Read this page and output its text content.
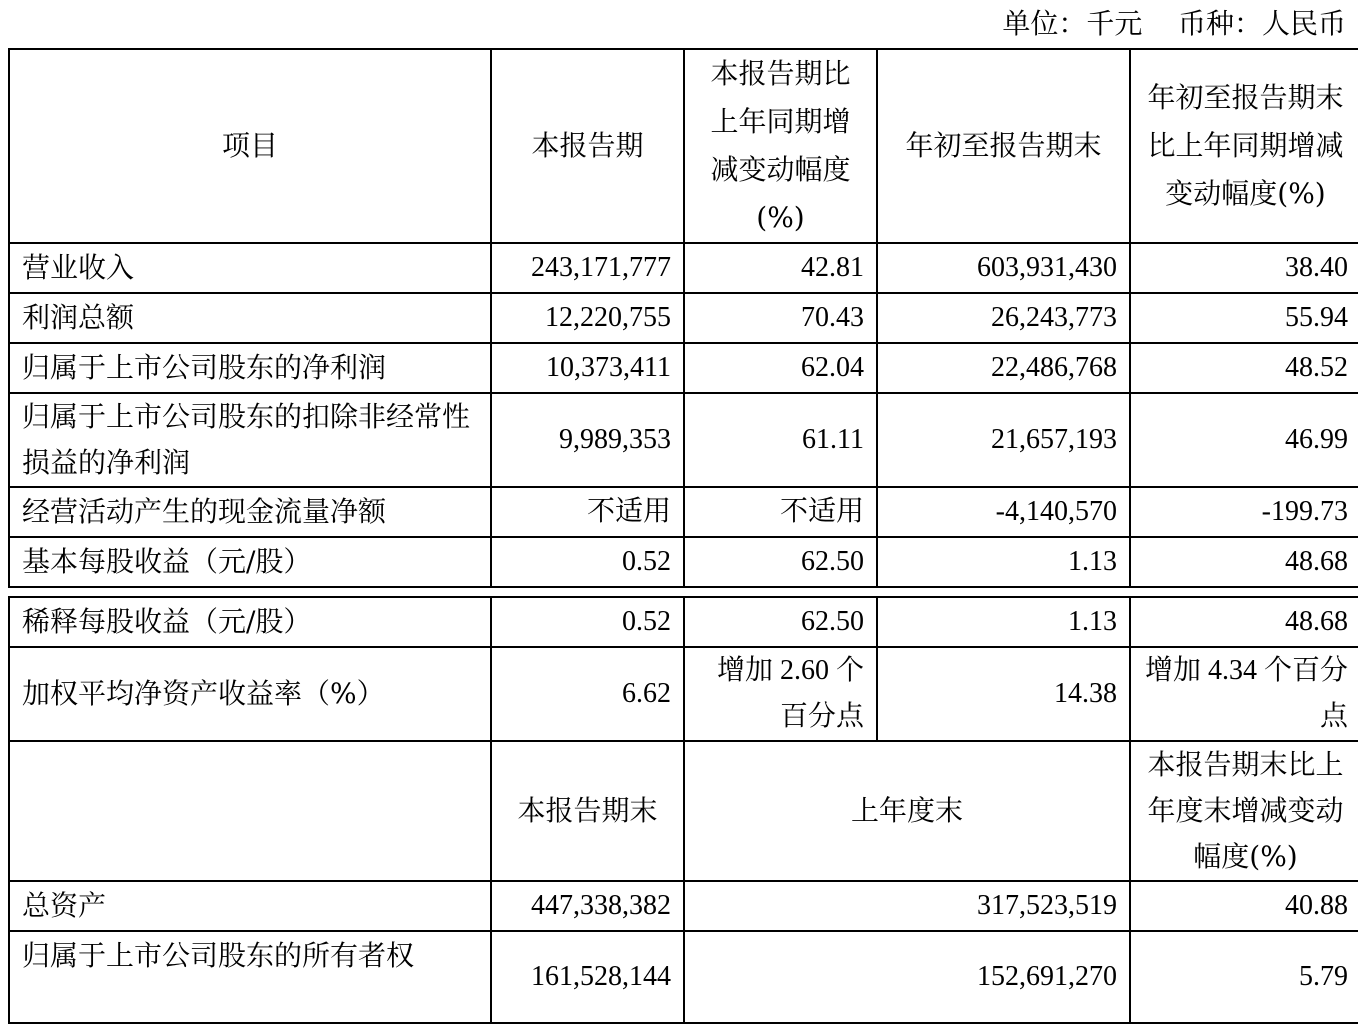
单位：千元    币种：人民币
项目	本报告期	本报告期比上年同期增减变动幅度(%)	年初至报告期末	年初至报告期末比上年同期增减变动幅度(%)
营业收入	243,171,777	42.81	603,931,430	38.40
利润总额	12,220,755	70.43	26,243,773	55.94
归属于上市公司股东的净利润	10,373,411	62.04	22,486,768	48.52
归属于上市公司股东的扣除非经常性损益的净利润	9,989,353	61.11	21,657,193	46.99
经营活动产生的现金流量净额	不适用	不适用	-4,140,570	-199.73
基本每股收益（元/股）	0.52	62.50	1.13	48.68

稀释每股收益（元/股）	0.52	62.50	1.13	48.68
加权平均净资产收益率（%）	6.62	增加 2.60 个百分点	14.38	增加 4.34 个百分点
	本报告期末	上年度末		本报告期末比上年度末增减变动幅度(%)
总资产	447,338,382	317,523,519		40.88
归属于上市公司股东的所有者权	161,528,144	152,691,270		5.79
